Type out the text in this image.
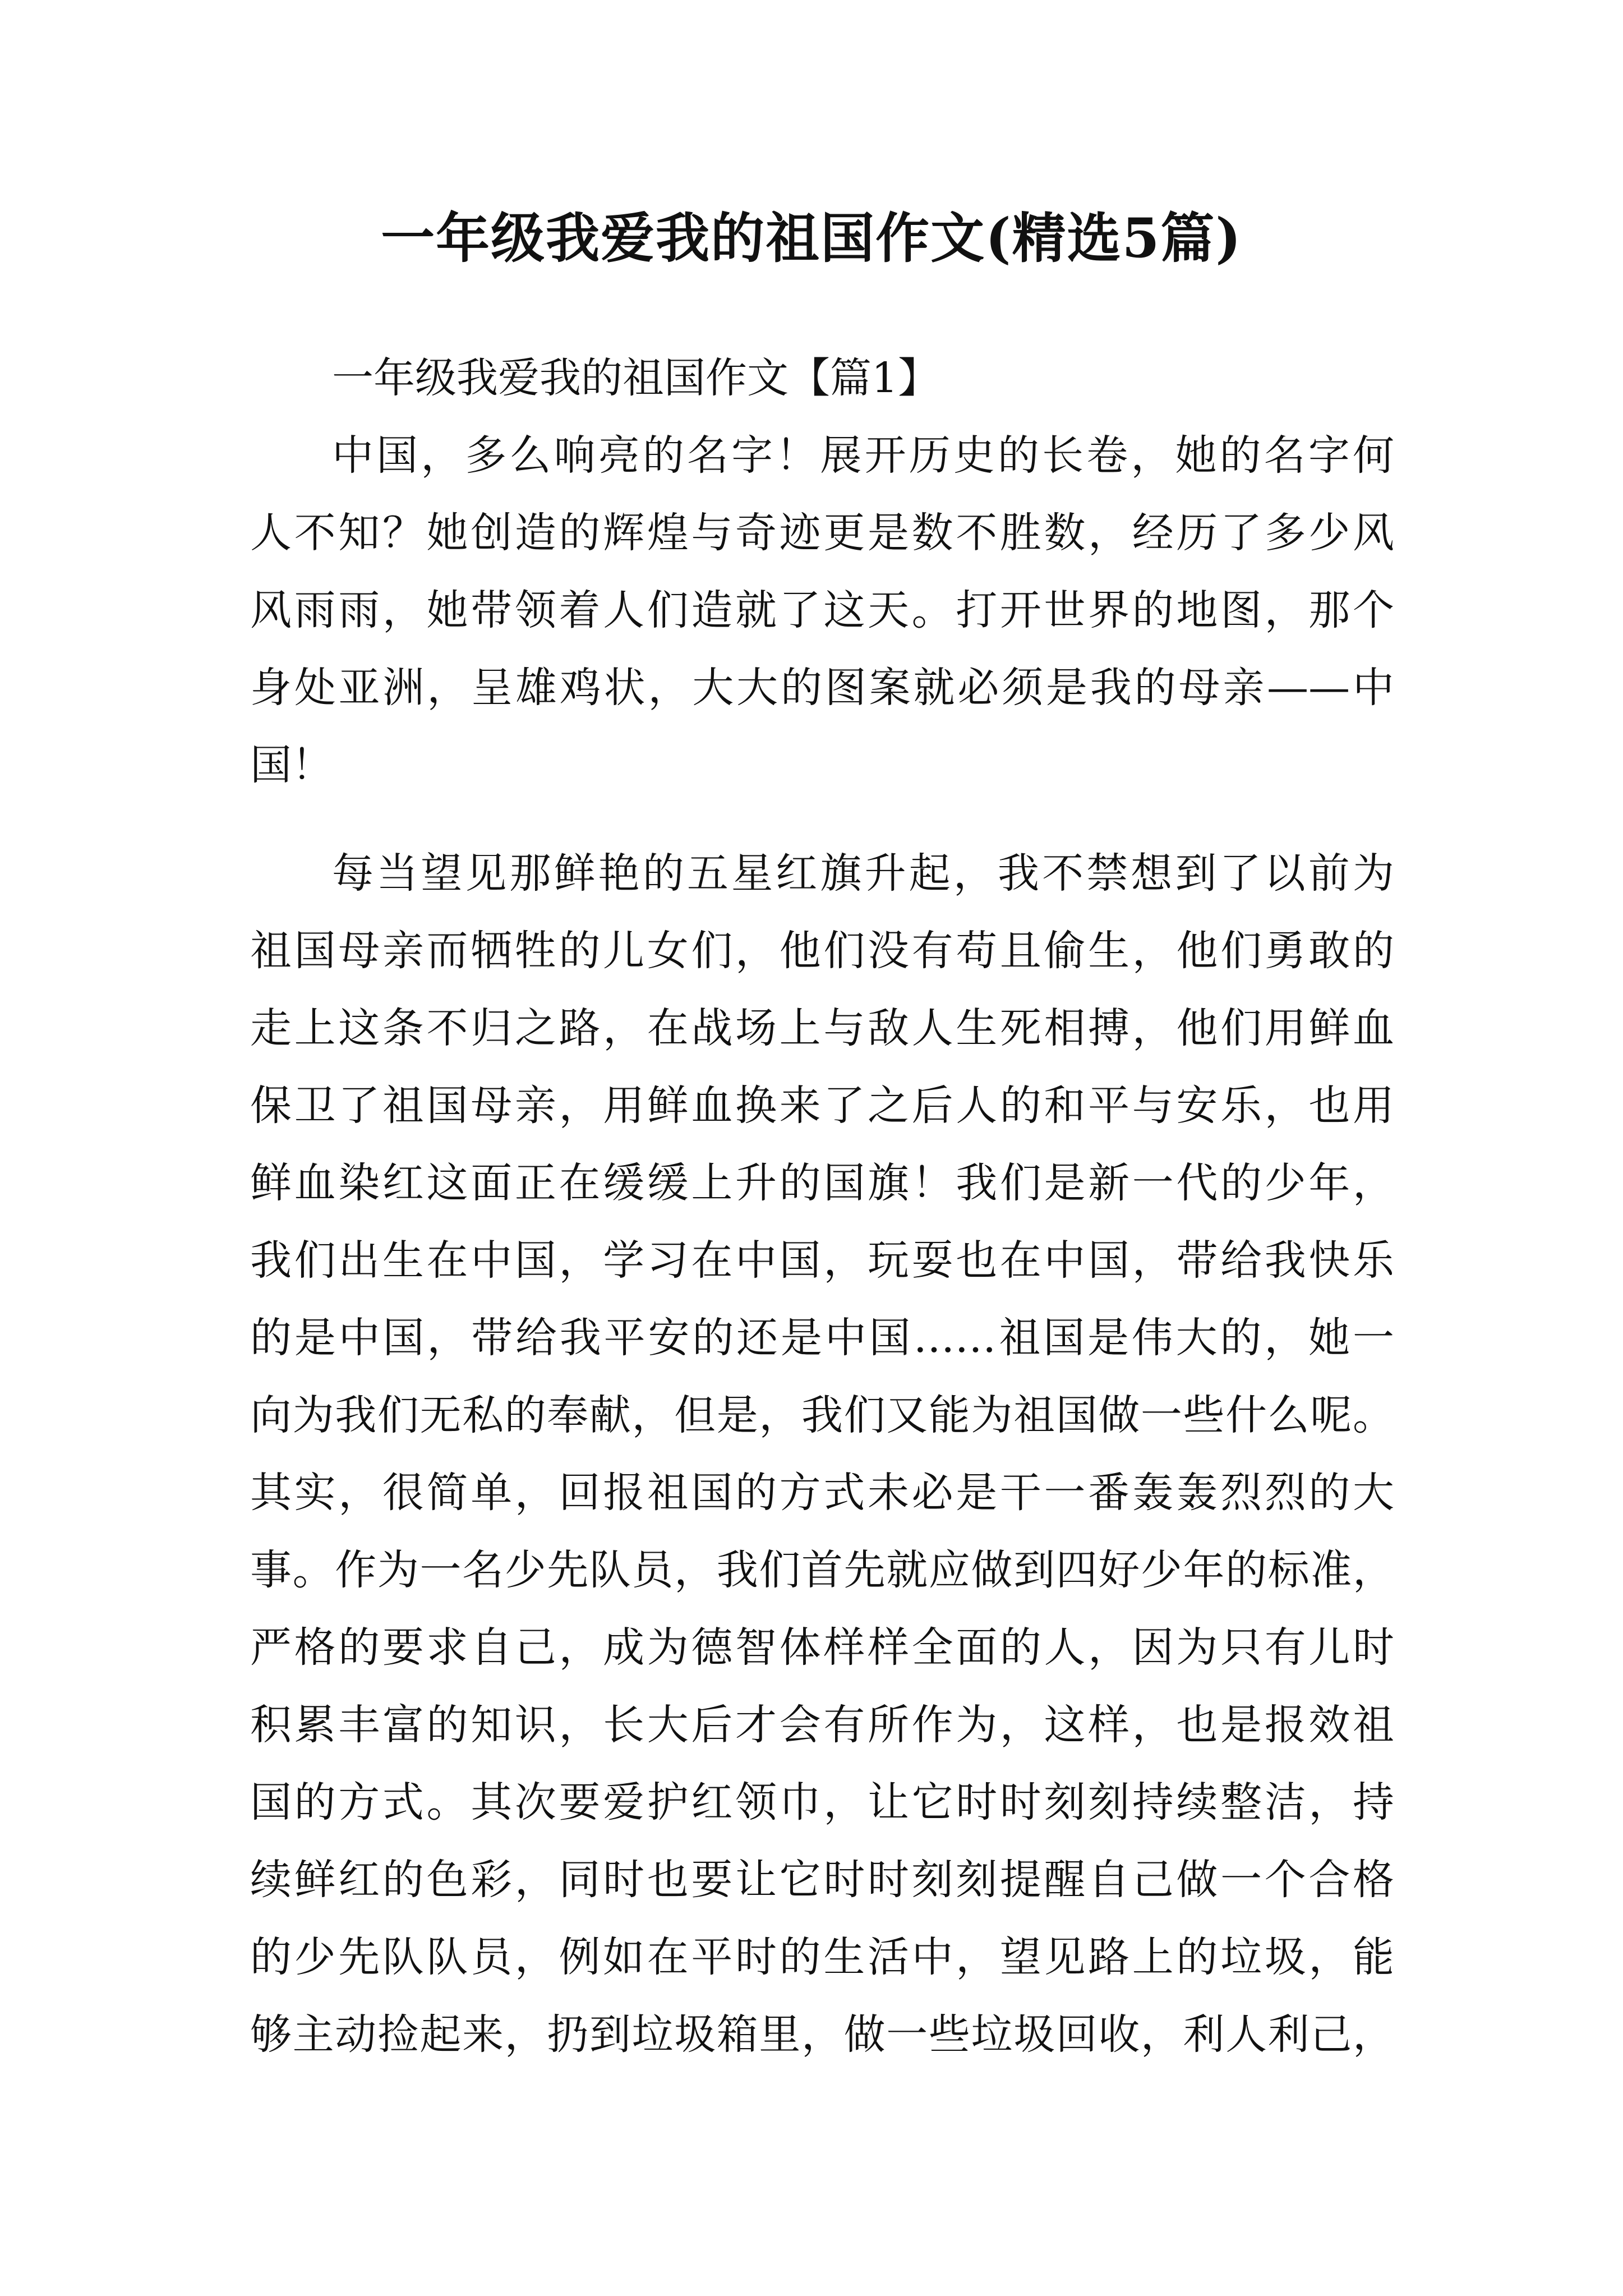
一年级我爱我的祖国作文(精选5篇)
一年级我爱我的祖国作文【篇1】
中国，多么响亮的名字！展开历史的长卷，她的名字何
人不知？她创造的辉煌与奇迹更是数不胜数，经历了多少风
风雨雨，她带领着人们造就了这天。打开世界的地图，那个
身处亚洲，呈雄鸡状，大大的图案就必须是我的母亲——中
国！
每当望见那鲜艳的五星红旗升起，我不禁想到了以前为
祖国母亲而牺牲的儿女们，他们没有苟且偷生，他们勇敢的
走上这条不归之路，在战场上与敌人生死相搏，他们用鲜血
保卫了祖国母亲，用鲜血换来了之后人的和平与安乐，也用
鲜血染红这面正在缓缓上升的国旗！我们是新一代的少年，
我们出生在中国，学习在中国，玩耍也在中国，带给我快乐
的是中国，带给我平安的还是中国……祖国是伟大的，她一
向为我们无私的奉献，但是，我们又能为祖国做一些什么呢。
其实，很简单，回报祖国的方式未必是干一番轰轰烈烈的大
事。作为一名少先队员，我们首先就应做到四好少年的标准，
严格的要求自己，成为德智体样样全面的人，因为只有儿时
积累丰富的知识，长大后才会有所作为，这样，也是报效祖
国的方式。其次要爱护红领巾，让它时时刻刻持续整洁，持
续鲜红的色彩，同时也要让它时时刻刻提醒自己做一个合格
的少先队队员，例如在平时的生活中，望见路上的垃圾，能
够主动捡起来，扔到垃圾箱里，做一些垃圾回收，利人利己，
